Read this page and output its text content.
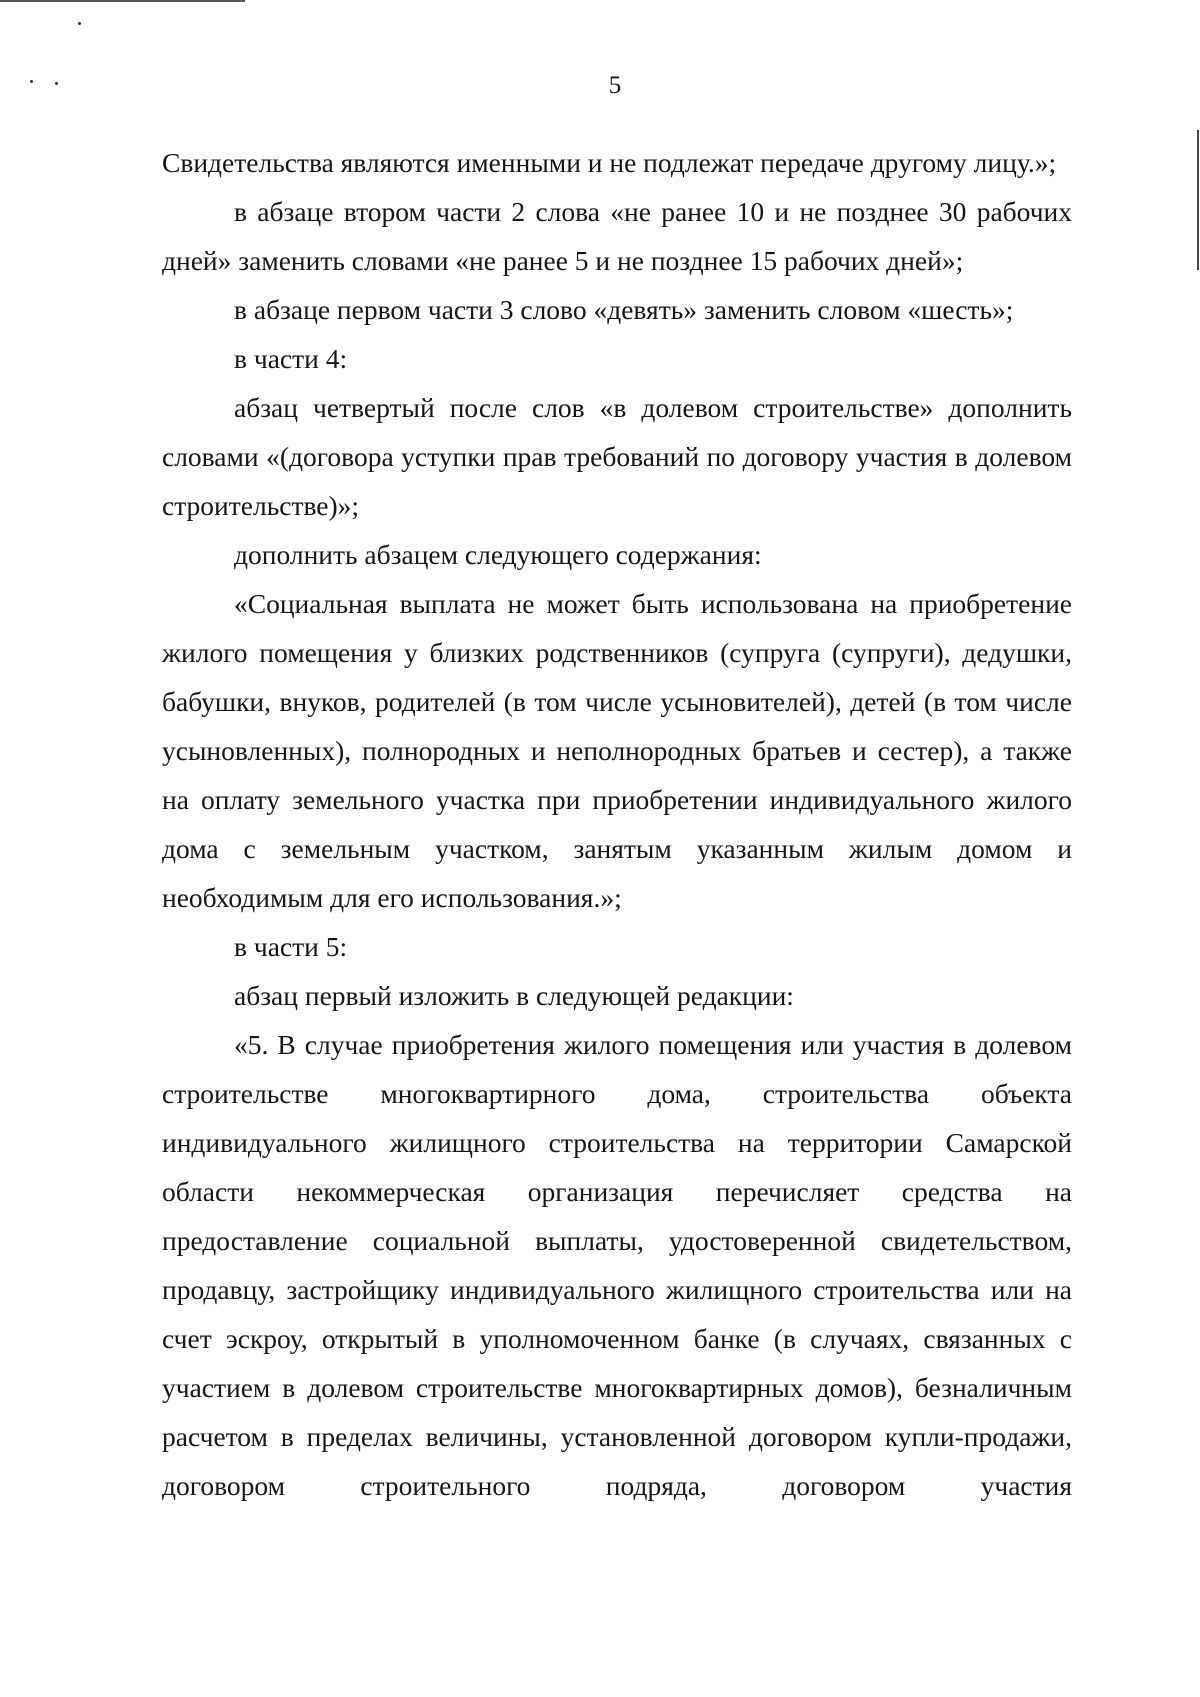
5

Свидетельства являются именными и не подлежат передаче другому лицу.»;

в абзаце втором части 2 слова «не ранее 10 и не позднее 30 рабочих дней» заменить словами «не ранее 5 и не позднее 15 рабочих дней»;

в абзаце первом части 3 слово «девять» заменить словом «шесть»;

в части 4:

абзац четвертый после слов «в долевом строительстве» дополнить словами «(договора уступки прав требований по договору участия в долевом строительстве)»;

дополнить абзацем следующего содержания:

«Социальная выплата не может быть использована на приобретение жилого помещения у близких родственников (супруга (супруги), дедушки, бабушки, внуков, родителей (в том числе усыновителей), детей (в том числе усыновленных), полнородных и неполнородных братьев и сестер), а также на оплату земельного участка при приобретении индивидуального жилого дома с земельным участком, занятым указанным жилым домом и необходимым для его использования.»;

в части 5:

абзац первый изложить в следующей редакции:

«5. В случае приобретения жилого помещения или участия в долевом строительстве многоквартирного дома, строительства объекта индивидуального жилищного строительства на территории Самарской области некоммерческая организация перечисляет средства на предоставление социальной выплаты, удостоверенной свидетельством, продавцу, застройщику индивидуального жилищного строительства или на счет эскроу, открытый в уполномоченном банке (в случаях, связанных с участием в долевом строительстве многоквартирных домов), безналичным расчетом в пределах величины, установленной договором купли-продажи, договором строительного подряда, договором участия
